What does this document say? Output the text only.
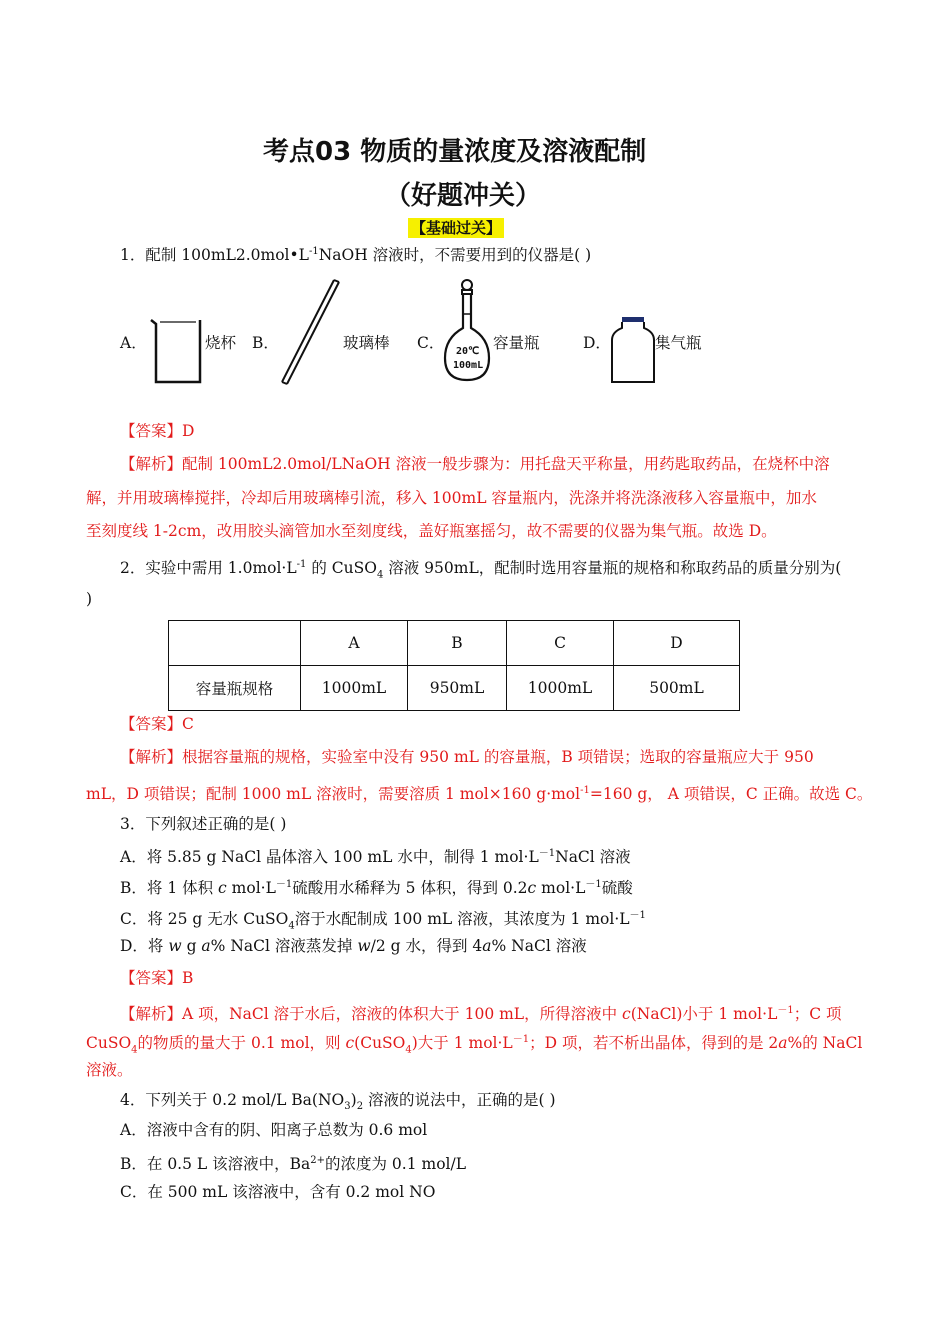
考点03 物质的量浓度及溶液配制
（好题冲关）
【基础过关】
1．配制 $100mL2.0mol•L^{-1}NaOH$ 溶液时，不需要用到的仪器是( )
A．	烧杯 B．	玻璃棒 C． 20℃
100mL
容量瓶	D．	集气瓶
【答案】D
【解析】配制 100mL2.0mol/LNaOH 溶液一般步骤为：用托盘天平称量，用药匙取药品，在烧杯中溶
解，并用玻璃棒搅拌，冷却后用玻璃棒引流，移入 100mL 容量瓶内，洗涤并将洗涤液移入容量瓶中，加水
至刻度线 1-2cm，改用胶头滴管加水至刻度线，盖好瓶塞摇匀，故不需要的仪器为集气瓶。故选 D。
2．实验中需用 $1.0mol\cdot L^{-1}$ 的 CuSO$_4$ 溶液 950mL，配制时选用容量瓶的规格和称取药品的质量分别为(
)
	A	B	C	D
容量瓶规格	1000mL	950mL	1000mL	500mL
【答案】C
【解析】根据容量瓶的规格，实验室中没有 950 mL 的容量瓶，B 项错误；选取的容量瓶应大于 950
mL，D 项错误；配制 1000 mL 溶液时，需要溶质 1 mol×160 g·mol$^{-1}$=160 g， A 项错误，C 正确。故选 C。
3．下列叙述正确的是( )
A．将 5.85 g NaCl 晶体溶入 100 mL 水中，制得 1 $mol\cdot L^{-1}NaCl$ 溶液
B．将 1 体积 c $mol\cdot L^{-1}$硫酸用水稀释为 5 体积，得到 0.2c $mol\cdot L^{-1}$硫酸
C．将 25 g 无水 CuSO$_4$溶于水配制成 100 mL 溶液，其浓度为 1 $mol\cdot L^{-1}$
D．将 w g a% NaCl 溶液蒸发掉 w/2 g 水，得到 4a% NaCl 溶液
【答案】B
【解析】A 项，NaCl 溶于水后，溶液的体积大于 100 mL，所得溶液中 c(NaCl)小于 1 $mol\cdot L^{-1}$；C 项
CuSO$_4$的物质的量大于 0.1 mol，则 c(CuSO$_4$)大于 1 $mol\cdot L^{-1}$；D 项，若不析出晶体，得到的是 2a%的 NaCl
溶液。
4．下列关于 0.2 mol/L $Ba(NO_3)_2$ 溶液的说法中，正确的是( )
A．溶液中含有的阴、阳离子总数为 0.6 mol
B．在 0.5 L 该溶液中，$Ba^{2+}$的浓度为 0.1 mol/L
C．在 500 mL 该溶液中，含有 0.2 mol NO
